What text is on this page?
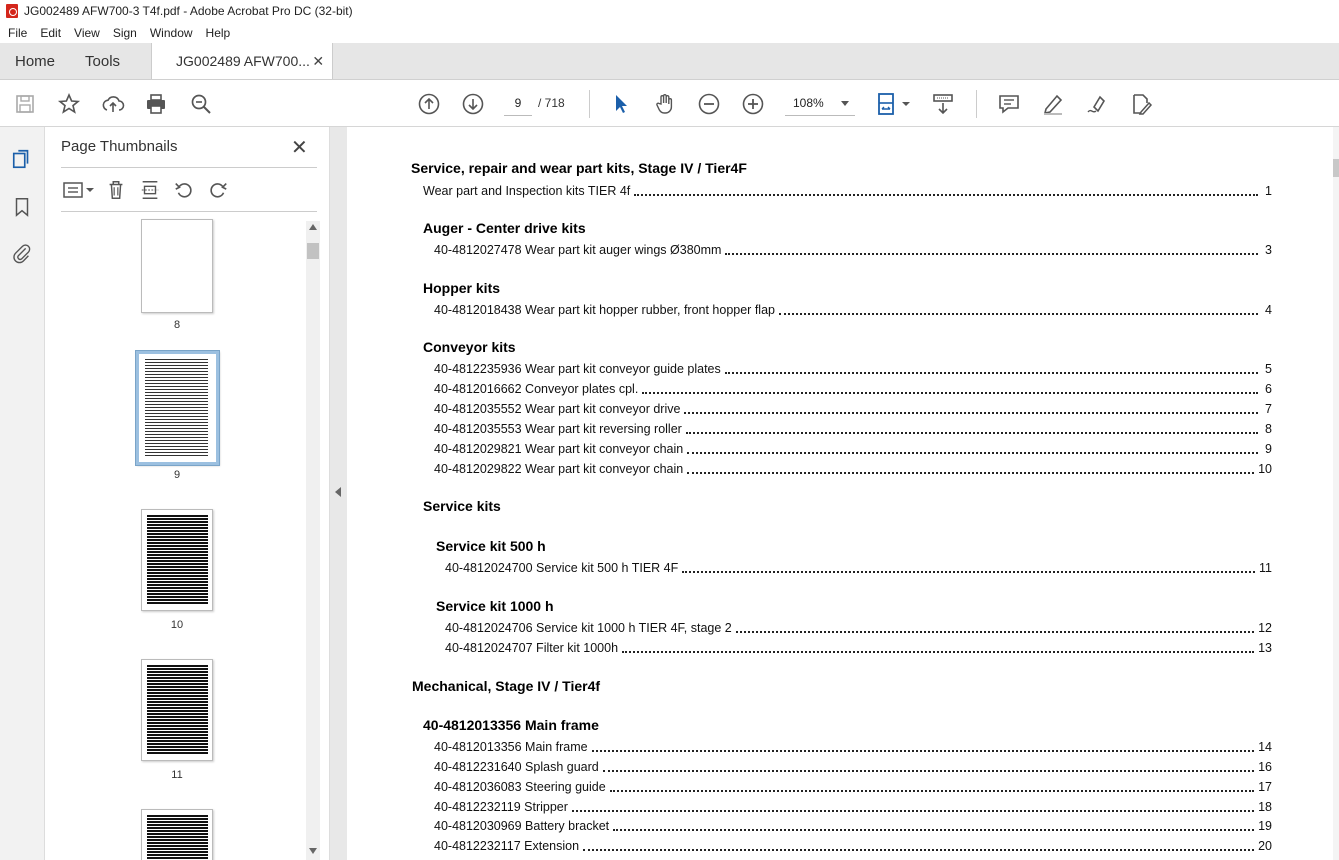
JG002489 AFW700-3 T4f.pdf - Adobe Acrobat Pro DC (32-bit)
File Edit View Sign Window Help
Home	Tools	JG002489 AFW700... ✕
9	/ 718	108%
Page Thumbnails	✕
8
9
10
11
Service, repair and wear part kits, Stage IV / Tier4F
Wear part and Inspection kits TIER 4f	1
Auger - Center drive kits
40-4812027478 Wear part kit auger wings Ø380mm	3
Hopper kits
40-4812018438 Wear part kit hopper rubber, front hopper flap	4
Conveyor kits
40-4812235936 Wear part kit conveyor guide plates	5
40-4812016662 Conveyor plates cpl.	6
40-4812035552 Wear part kit conveyor drive	7
40-4812035553 Wear part kit reversing roller	8
40-4812029821 Wear part kit conveyor chain	9
40-4812029822 Wear part kit conveyor chain	10
Service kits
Service kit 500 h
40-4812024700 Service kit 500 h TIER 4F	11
Service kit 1000 h
40-4812024706 Service kit 1000 h TIER 4F, stage 2	12
40-4812024707 Filter kit 1000h	13
Mechanical, Stage IV / Tier4f
40-4812013356 Main frame
40-4812013356 Main frame	14
40-4812231640 Splash guard	16
40-4812036083 Steering guide	17
40-4812232119 Stripper	18
40-4812030969 Battery bracket	19
40-4812232117 Extension	20
